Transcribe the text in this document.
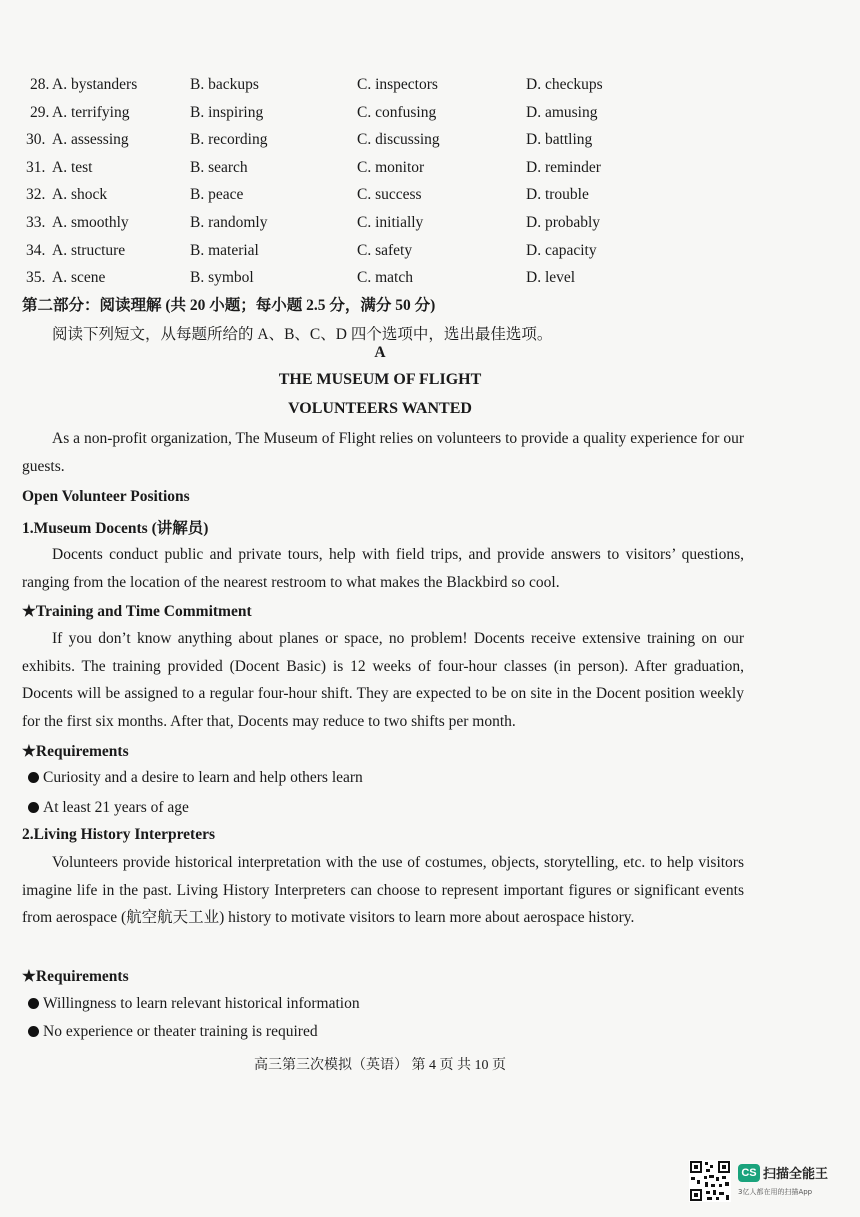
28. A. bystanders	B. backups	C. inspectors	D. checkups
29. A. terrifying	B. inspiring	C. confusing	D. amusing
30. A. assessing	B. recording	C. discussing	D. battling
31. A. test	B. search	C. monitor	D. reminder
32. A. shock	B. peace	C. success	D. trouble
33. A. smoothly	B. randomly	C. initially	D. probably
34. A. structure	B. material	C. safety	D. capacity
35. A. scene	B. symbol	C. match	D. level
第二部分：阅读理解 (共 20 小题；每小题 2.5 分，满分 50 分)
阅读下列短文，从每题所给的 A、B、C、D 四个选项中，选出最佳选项。
A
THE MUSEUM OF FLIGHT
VOLUNTEERS WANTED
As a non-profit organization, The Museum of Flight relies on volunteers to provide a quality experience for our guests.
Open Volunteer Positions
1.Museum Docents (讲解员)
Docents conduct public and private tours, help with field trips, and provide answers to visitors’ questions, ranging from the location of the nearest restroom to what makes the Blackbird so cool.
★Training and Time Commitment
If you don’t know anything about planes or space, no problem! Docents receive extensive training on our exhibits. The training provided (Docent Basic) is 12 weeks of four-hour classes (in person). After graduation, Docents will be assigned to a regular four-hour shift. They are expected to be on site in the Docent position weekly for the first six months. After that, Docents may reduce to two shifts per month.
★Requirements
Curiosity and a desire to learn and help others learn
At least 21 years of age
2.Living History Interpreters
Volunteers provide historical interpretation with the use of costumes, objects, storytelling, etc. to help visitors imagine life in the past. Living History Interpreters can choose to represent important figures or significant events from aerospace (航空航天工业) history to motivate visitors to learn more about aerospace history.
★Requirements
Willingness to learn relevant historical information
No experience or theater training is required
高三第三次模拟（英语） 第 4 页 共 10 页
CS 扫描全能王
3亿人都在用的扫描App
